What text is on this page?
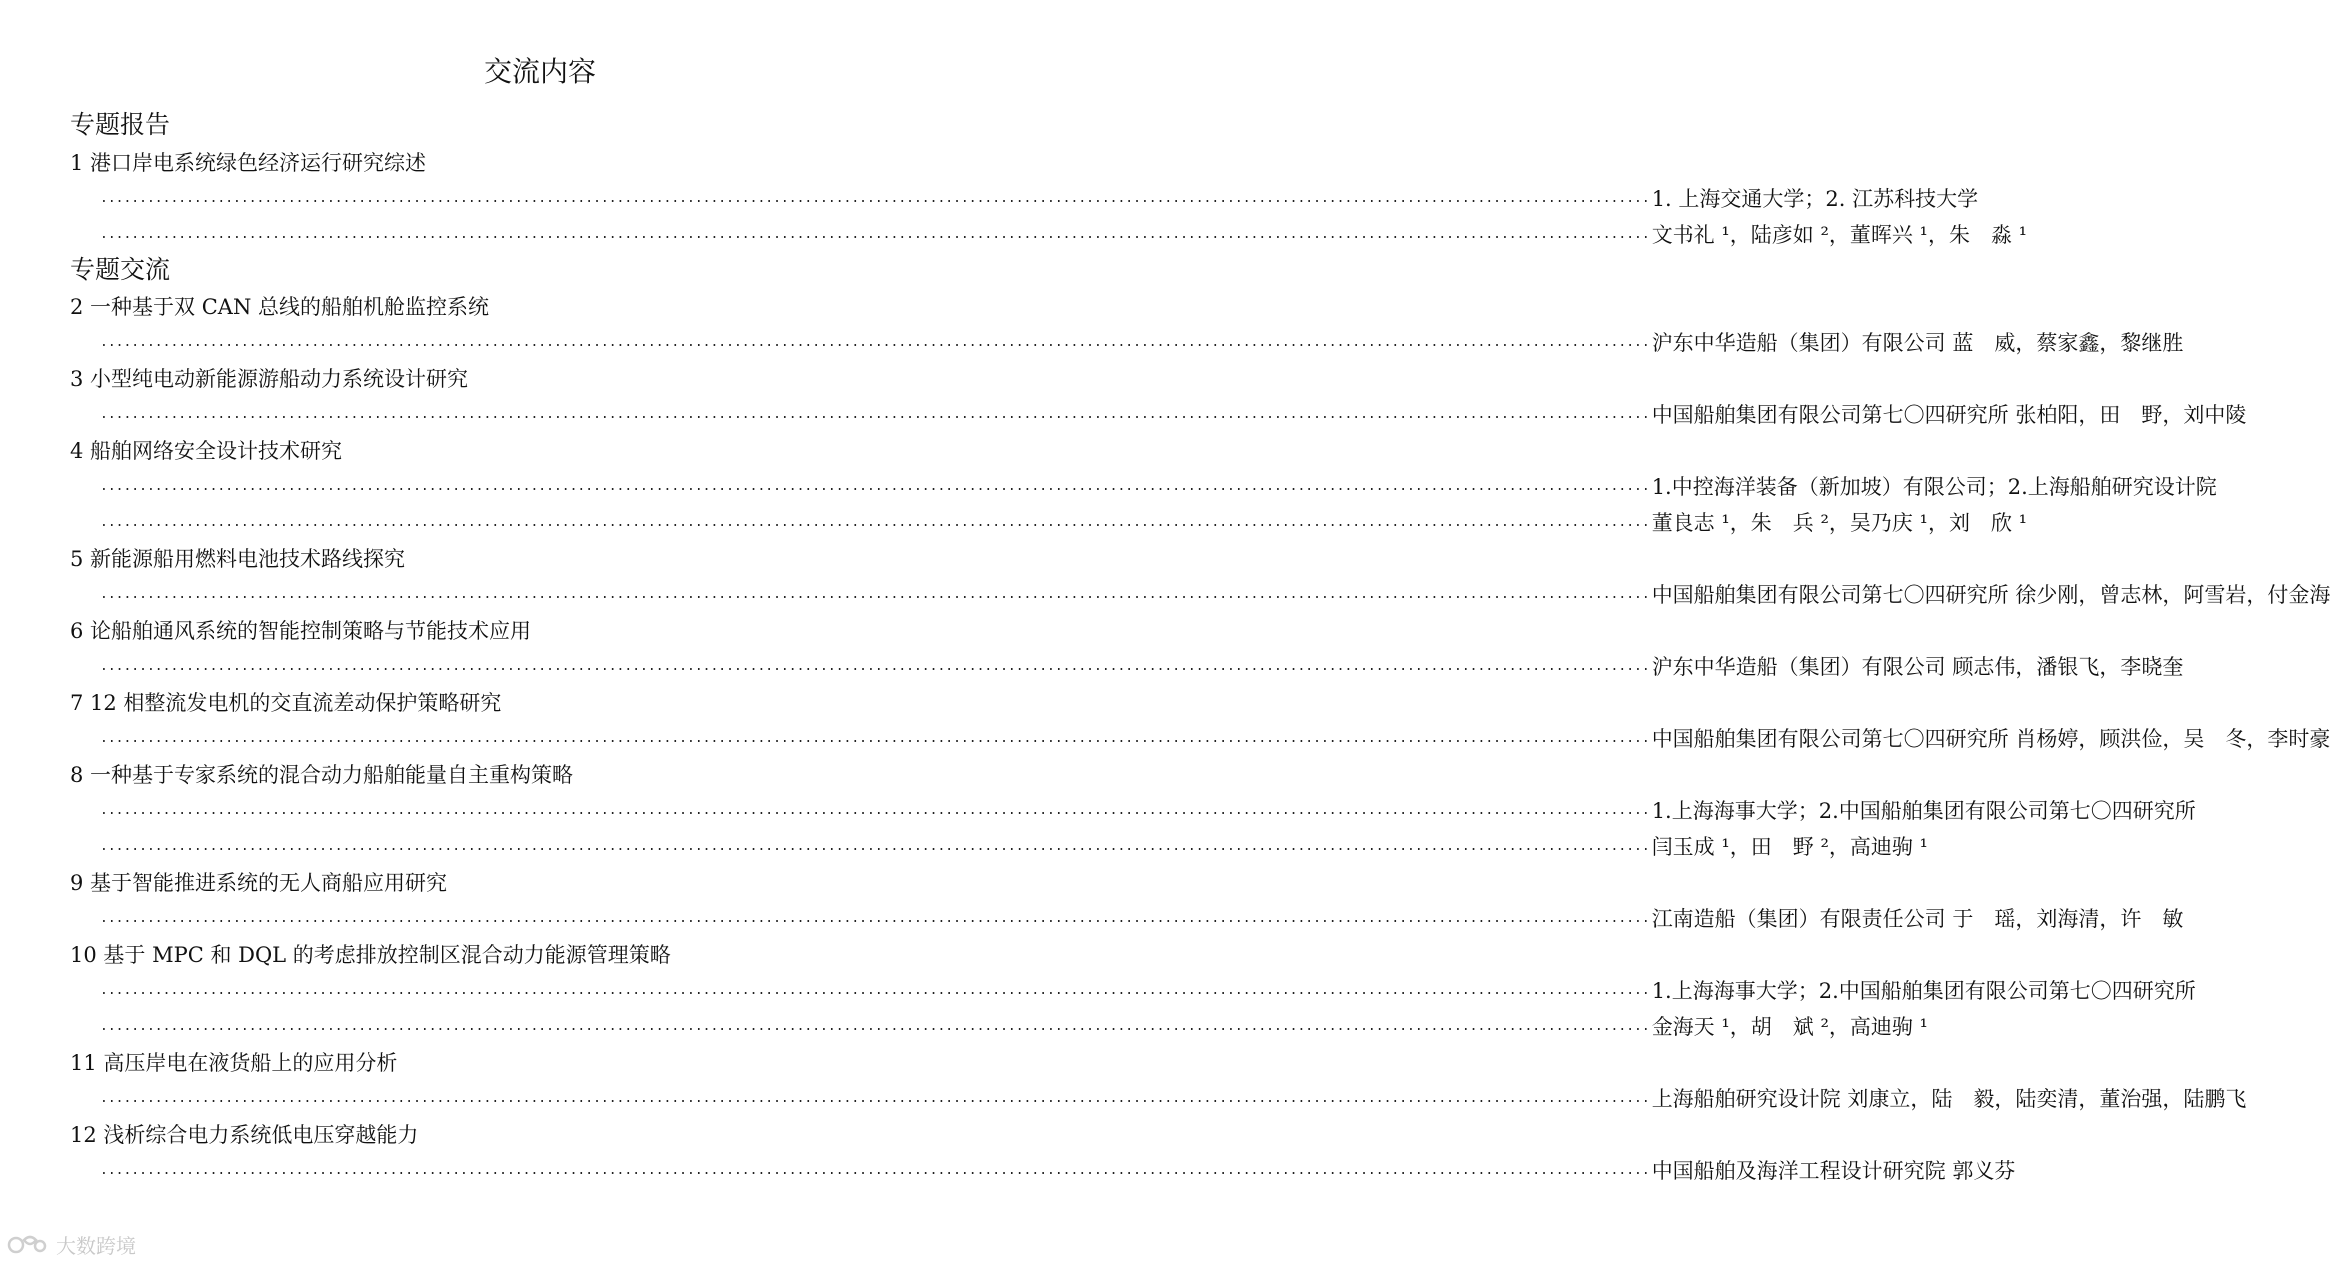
交流内容
专题报告
专题交流
1 港口岸电系统绿色经济运行研究综述
...................................................................................................................................................................................................... 1. 上海交通大学；2. 江苏科技大学
...................................................................................................................................................................................................... 文书礼 ¹，陆彦如 ²，董晖兴 ¹，朱　淼 ¹
2 一种基于双 CAN 总线的船舶机舱监控系统
...................................................................................................................................................................................................... 沪东中华造船（集团）有限公司 蓝　威，蔡家鑫，黎继胜
3 小型纯电动新能源游船动力系统设计研究
...................................................................................................................................................................................................... 中国船舶集团有限公司第七〇四研究所 张柏阳，田　野，刘中陵
4 船舶网络安全设计技术研究
...................................................................................................................................................................................................... 1.中控海洋装备（新加坡）有限公司；2.上海船舶研究设计院
...................................................................................................................................................................................................... 董良志 ¹，朱　兵 ²，吴乃庆 ¹，刘　欣 ¹
5 新能源船用燃料电池技术路线探究
...................................................................................................................................................................................................... 中国船舶集团有限公司第七〇四研究所 徐少刚，曾志林，阿雪岩，付金海
6 论船舶通风系统的智能控制策略与节能技术应用
...................................................................................................................................................................................................... 沪东中华造船（集团）有限公司 顾志伟，潘银飞，李晓奎
7 12 相整流发电机的交直流差动保护策略研究
...................................................................................................................................................................................................... 中国船舶集团有限公司第七〇四研究所 肖杨婷，顾洪俭，吴　冬，李时豪
8 一种基于专家系统的混合动力船舶能量自主重构策略
...................................................................................................................................................................................................... 1.上海海事大学；2.中国船舶集团有限公司第七〇四研究所
...................................................................................................................................................................................................... 闫玉成 ¹，田　野 ²，高迪驹 ¹
9 基于智能推进系统的无人商船应用研究
...................................................................................................................................................................................................... 江南造船（集团）有限责任公司 于　瑶，刘海清，许　敏
10 基于 MPC 和 DQL 的考虑排放控制区混合动力能源管理策略
...................................................................................................................................................................................................... 1.上海海事大学；2.中国船舶集团有限公司第七〇四研究所
...................................................................................................................................................................................................... 金海天 ¹，胡　斌 ²，高迪驹 ¹
11 高压岸电在液货船上的应用分析
...................................................................................................................................................................................................... 上海船舶研究设计院 刘康立，陆　毅，陆奕清，董治强，陆鹏飞
12 浅析综合电力系统低电压穿越能力
...................................................................................................................................................................................................... 中国船舶及海洋工程设计研究院 郭义芬
大数跨境
